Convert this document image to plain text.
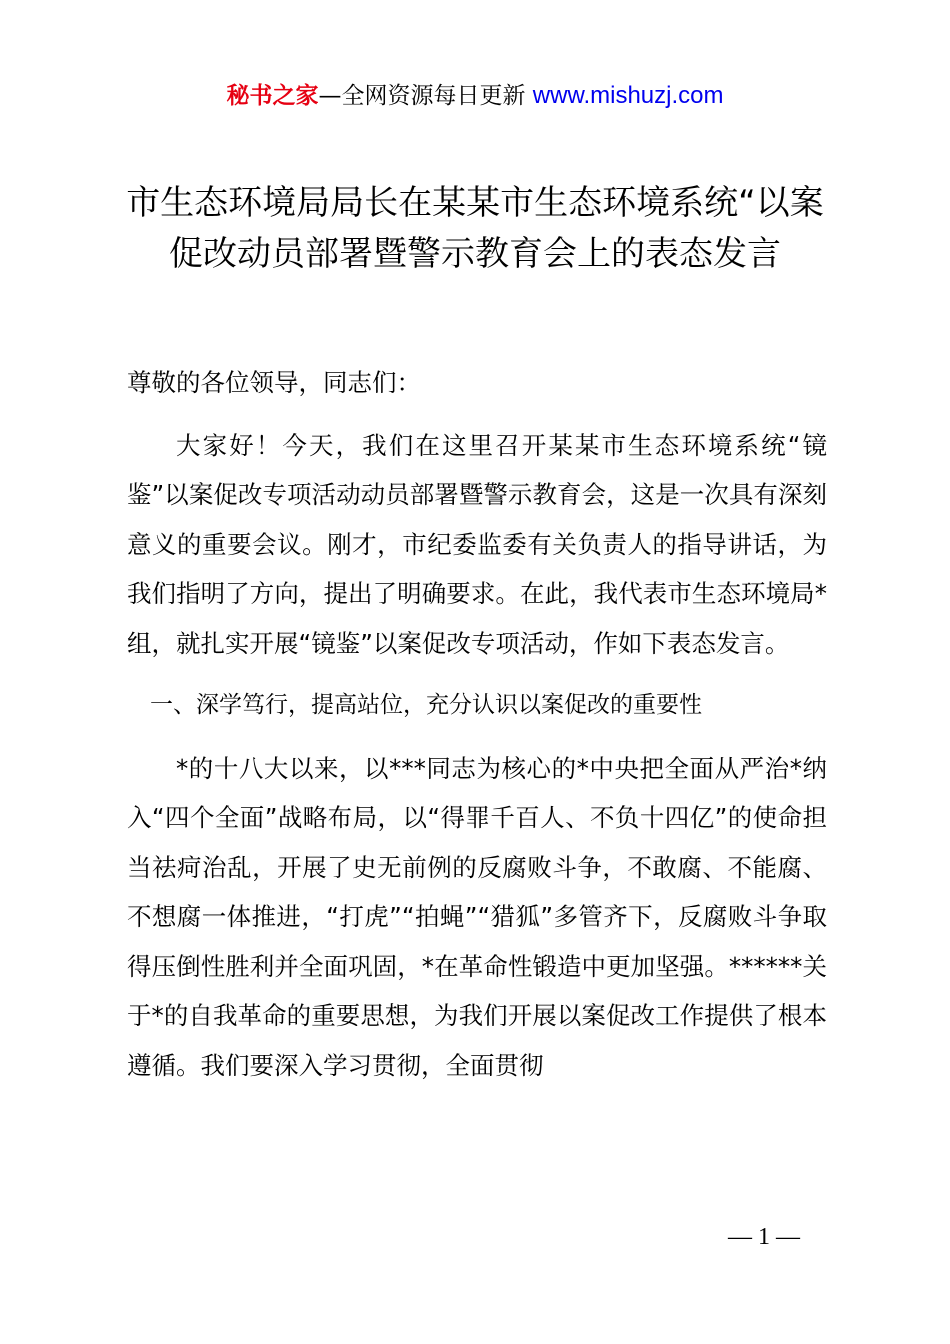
秘书之家—全网资源每日更新 www.mishuzj.com
市生态环境局局长在某某市生态环境系统“以案促改动员部署暨警示教育会上的表态发言

尊敬的各位领导，同志们：

大家好！今天，我们在这里召开某某市生态环境系统“镜鉴”以案促改专项活动动员部署暨警示教育会，这是一次具有深刻意义的重要会议。刚才，市纪委监委有关负责人的指导讲话，为我们指明了方向，提出了明确要求。在此，我代表市生态环境局*组，就扎实开展“镜鉴”以案促改专项活动，作如下表态发言。

一、深学笃行，提高站位，充分认识以案促改的重要性

*的十八大以来，以***同志为核心的*中央把全面从严治*纳入“四个全面”战略布局，以“得罪千百人、不负十四亿”的使命担当祛疴治乱，开展了史无前例的反腐败斗争，不敢腐、不能腐、不想腐一体推进，“打虎”“拍蝇”“猎狐”多管齐下，反腐败斗争取得压倒性胜利并全面巩固，*在革命性锻造中更加坚强。******关于*的自我革命的重要思想，为我们开展以案促改工作提供了根本遵循。我们要深入学习贯彻，全面贯彻

— 1 —
